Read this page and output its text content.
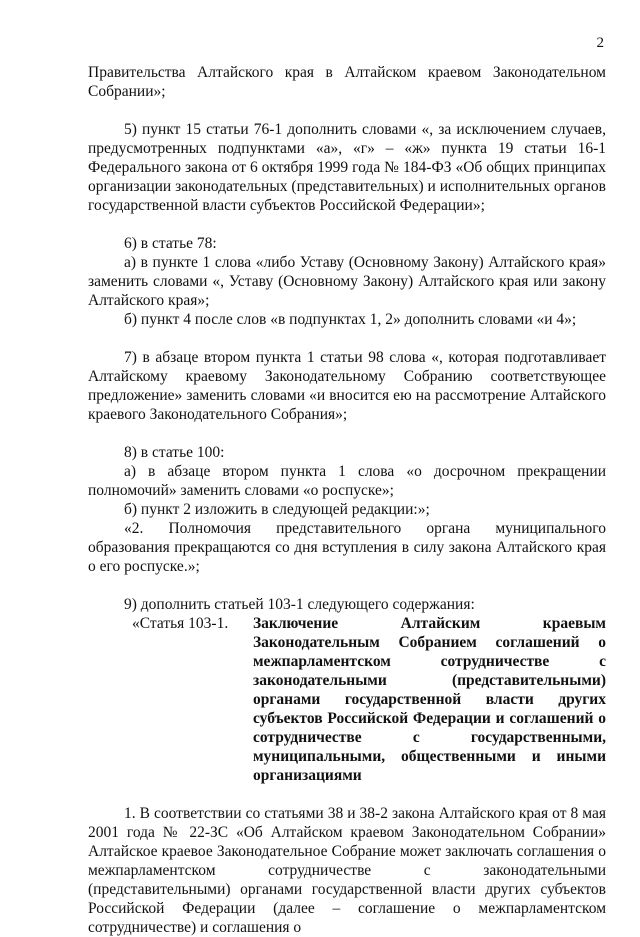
2

Правительства Алтайского края в Алтайском краевом Законодательном Собрании»;

5) пункт 15 статьи 76-1 дополнить словами «, за исключением случаев, предусмотренных подпунктами «а», «г» – «ж» пункта 19 статьи 16-1 Федерального закона от 6 октября 1999 года № 184-ФЗ «Об общих принципах организации законодательных (представительных) и исполнительных органов государственной власти субъектов Российской Федерации»;

6) в статье 78:

а) в пункте 1 слова «либо Уставу (Основному Закону) Алтайского края» заменить словами «, Уставу (Основному Закону) Алтайского края или закону Алтайского края»;

б) пункт 4 после слов «в подпунктах 1, 2» дополнить словами «и 4»;

7) в абзаце втором пункта 1 статьи 98 слова «, которая подготавливает Алтайскому краевому Законодательному Собранию соответствующее предложение» заменить словами «и вносится ею на рассмотрение Алтайского краевого Законодательного Собрания»;

8) в статье 100:

а) в абзаце втором пункта 1 слова «о досрочном прекращении полномочий» заменить словами «о роспуске»;

б) пункт 2 изложить в следующей редакции:»;

«2. Полномочия представительного органа муниципального образования прекращаются со дня вступления в силу закона Алтайского края о его роспуске.»;

9) дополнить статьей 103-1 следующего содержания:

«Статья 103-1.	Заключение Алтайским краевым Законодательным Собранием соглашений о межпарламентском сотрудничестве с законодательными (представительными) органами государственной власти других субъектов Российской Федерации и соглашений о сотрудничестве с государственными, муниципальными, общественными и иными организациями

1. В соответствии со статьями 38 и 38-2 закона Алтайского края от 8 мая 2001 года № 22-ЗС «Об Алтайском краевом Законодательном Собрании» Алтайское краевое Законодательное Собрание может заключать соглашения о межпарламентском сотрудничестве с законодательными (представительными) органами государственной власти других субъектов Российской Федерации (далее – соглашение о межпарламентском сотрудничестве) и соглашения о
